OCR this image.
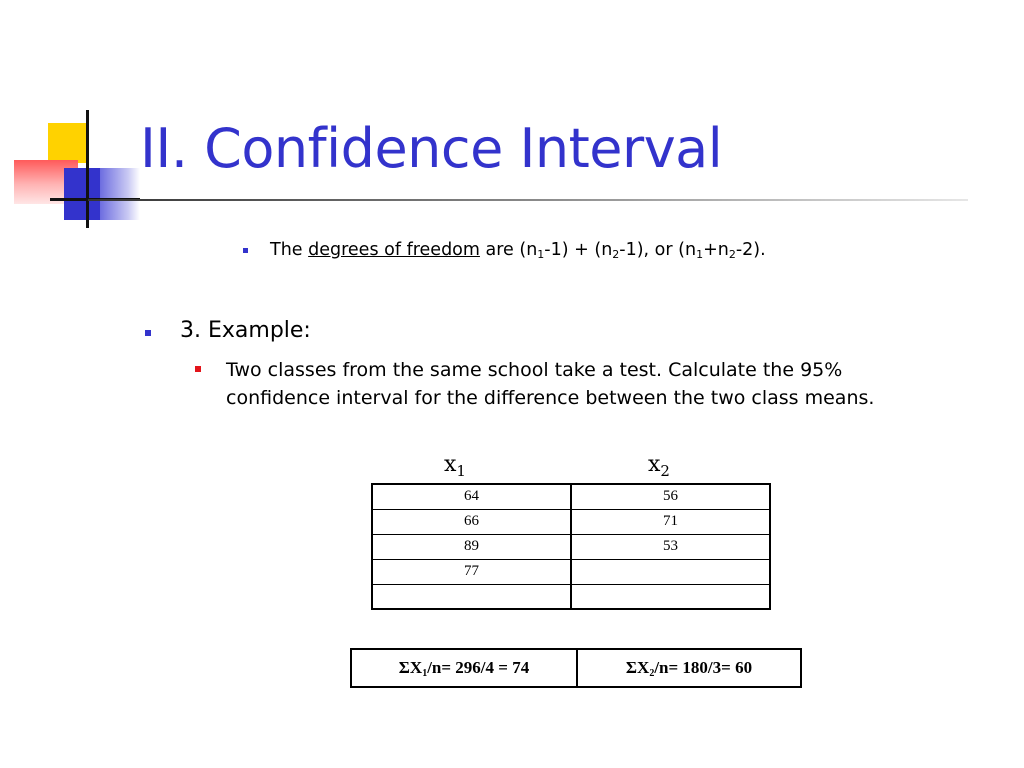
II. Confidence Interval
The degrees of freedom are $(n_1-1) + (n_2-1)$, or $(n_1+n_2-2)$.
3. Example:
Two classes from the same school take a test. Calculate the 95% confidence interval for the difference between the two class means.
$x_1$	$x_2$
64	56
66	71
89	53
77	

$\Sigma X_1/n= 296/4 = 74$	$\Sigma X_2/n= 180/3= 60$
